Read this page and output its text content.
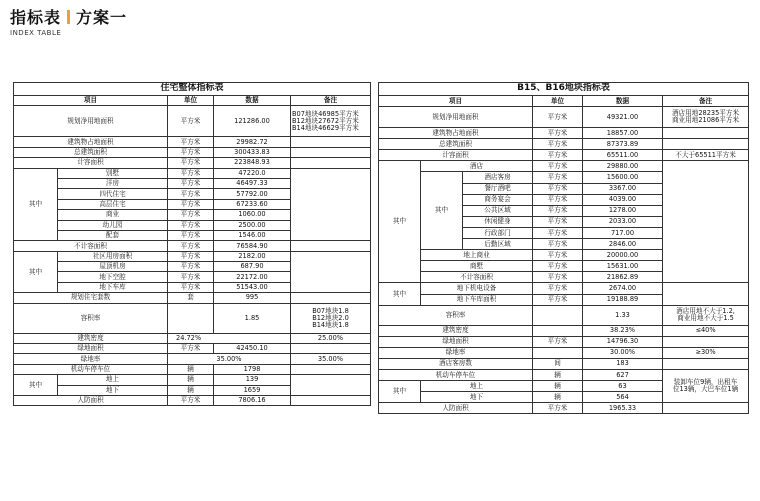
指标表 方案一
INDEX TABLE
住宅整体指标表				
项目		单位	数据	备注
规划净用地面积		平方米	121286.00	B07地块46985平方米
B12地块27672平方米
B14地块46629平方米

建筑物占地面积		平方米	29982.72	
总建筑面积		平方米	300433.83	
计容面积		平方米	223848.93	
其中	别墅	平方米	47220.0	
	洋房	平方米	46497.33	
	四代住宅	平方米	57792.00	
	高层住宅	平方米	67233.60	
	商业	平方米	1060.00	
	幼儿园	平方米	2500.00	
	配套	平方米	1546.00	
不计容面积		平方米	76584.90	
其中	社区用房面积	平方米	2182.00	
	屋顶机房	平方米	687.90	
	地下空腔	平方米	22172.00	
	地下车库	平方米	51543.00	
规划住宅套数		套	995	
容积率			1.85	B07地块1.8
B12地块2.0
B14地块1.8

建筑密度		24.72%		25.00%
绿地面积		平方米	42450.10	
绿地率		35.00%		35.00%
机动车停车位		辆	1798	
其中	地上	辆	139	
	地下	辆	1659	
人防面积		平方米	7806.16	
B15、B16地块指标表					
项目			单位	数据	备注
规划净用地面积			平方米	49321.00	酒店用地28235平方米
商业用地21086平方米

建筑物占地面积			平方米	18857.00	
总建筑面积			平方米	87373.89	
计容面积			平方米	65511.00	不大于65511平方米
其中	酒店		平方米	29880.00	
	其中	酒店客房	平方米	15600.00	
		餐厅酒吧	平方米	3367.00	
		商务宴会	平方米	4039.00	
		公共区域	平方米	1278.00	
		休闲健身	平方米	2033.00	
		行政部门	平方米	717.00	
		后勤区域	平方米	2846.00	
	地上商业		平方米	20000.00	
	商墅		平方米	15631.00	
	不计容面积		平方米	21862.89	
其中	地下机电设备		平方米	2674.00	
	地下车库面积		平方米	19188.89	
容积率				1.33	酒店用地不大于1.2,
商业用地不大于1.5

建筑密度				38.23%	≤40%
绿地面积			平方米	14796.30	
绿地率				30.00%	≥30%
酒店客房数			间	183	
机动车停车位			辆	627	装卸车位9辆，出租车
位13辆，大巴车位1辆

其中	地上		辆	63	
	地下		辆	564	
人防面积			平方米	1965.33	
